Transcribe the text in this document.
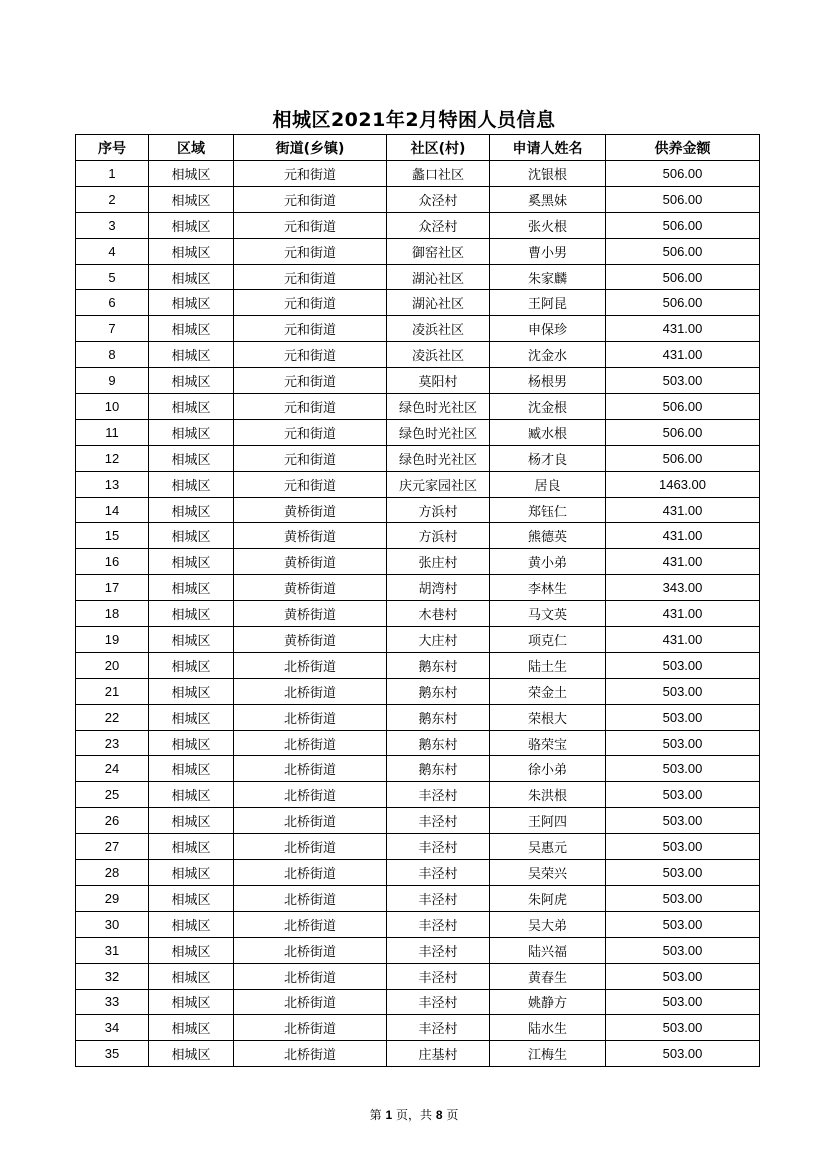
相城区2021年2月特困人员信息
序号	区域	街道(乡镇)	社区(村)	申请人姓名	供养金额
1	相城区	元和街道	蠡口社区	沈银根	506.00
2	相城区	元和街道	众泾村	奚黑妹	506.00
3	相城区	元和街道	众泾村	张火根	506.00
4	相城区	元和街道	御窑社区	曹小男	506.00
5	相城区	元和街道	湖沁社区	朱家麟	506.00
6	相城区	元和街道	湖沁社区	王阿昆	506.00
7	相城区	元和街道	凌浜社区	申保珍	431.00
8	相城区	元和街道	凌浜社区	沈金水	431.00
9	相城区	元和街道	莫阳村	杨根男	503.00
10	相城区	元和街道	绿色时光社区	沈金根	506.00
11	相城区	元和街道	绿色时光社区	臧水根	506.00
12	相城区	元和街道	绿色时光社区	杨才良	506.00
13	相城区	元和街道	庆元家园社区	居良	1463.00
14	相城区	黄桥街道	方浜村	郑钰仁	431.00
15	相城区	黄桥街道	方浜村	熊德英	431.00
16	相城区	黄桥街道	张庄村	黄小弟	431.00
17	相城区	黄桥街道	胡湾村	李林生	343.00
18	相城区	黄桥街道	木巷村	马文英	431.00
19	相城区	黄桥街道	大庄村	项克仁	431.00
20	相城区	北桥街道	鹅东村	陆土生	503.00
21	相城区	北桥街道	鹅东村	荣金土	503.00
22	相城区	北桥街道	鹅东村	荣根大	503.00
23	相城区	北桥街道	鹅东村	骆荣宝	503.00
24	相城区	北桥街道	鹅东村	徐小弟	503.00
25	相城区	北桥街道	丰泾村	朱洪根	503.00
26	相城区	北桥街道	丰泾村	王阿四	503.00
27	相城区	北桥街道	丰泾村	吴惠元	503.00
28	相城区	北桥街道	丰泾村	吴荣兴	503.00
29	相城区	北桥街道	丰泾村	朱阿虎	503.00
30	相城区	北桥街道	丰泾村	吴大弟	503.00
31	相城区	北桥街道	丰泾村	陆兴福	503.00
32	相城区	北桥街道	丰泾村	黄春生	503.00
33	相城区	北桥街道	丰泾村	姚静方	503.00
34	相城区	北桥街道	丰泾村	陆水生	503.00
35	相城区	北桥街道	庄基村	江梅生	503.00
第 1 页，共 8 页
